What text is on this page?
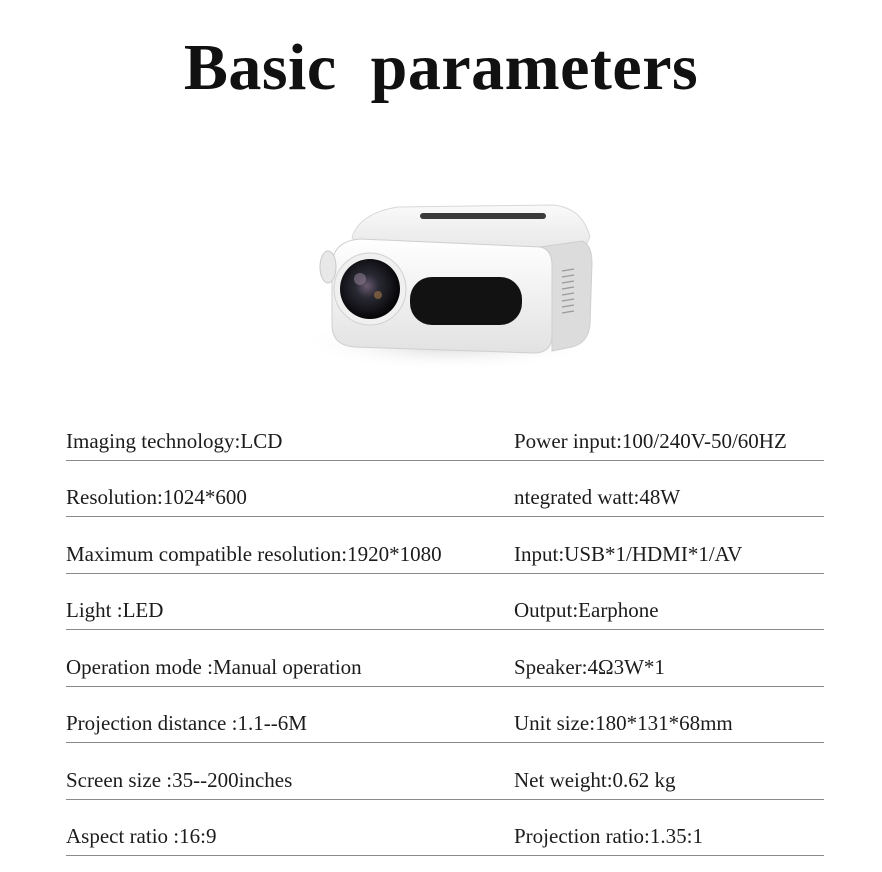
Basic  parameters
Imaging technology:LCD	Power input:100/240V-50/60HZ
Resolution:1024*600	ntegrated watt:48W
Maximum compatible resolution:1920*1080	Input:USB*1/HDMI*1/AV
Light :LED	Output:Earphone
Operation mode :Manual operation	Speaker:4Ω3W*1
Projection distance :1.1--6M	Unit size:180*131*68mm
Screen size :35--200inches	Net weight:0.62 kg
Aspect ratio :16:9	Projection ratio:1.35:1
